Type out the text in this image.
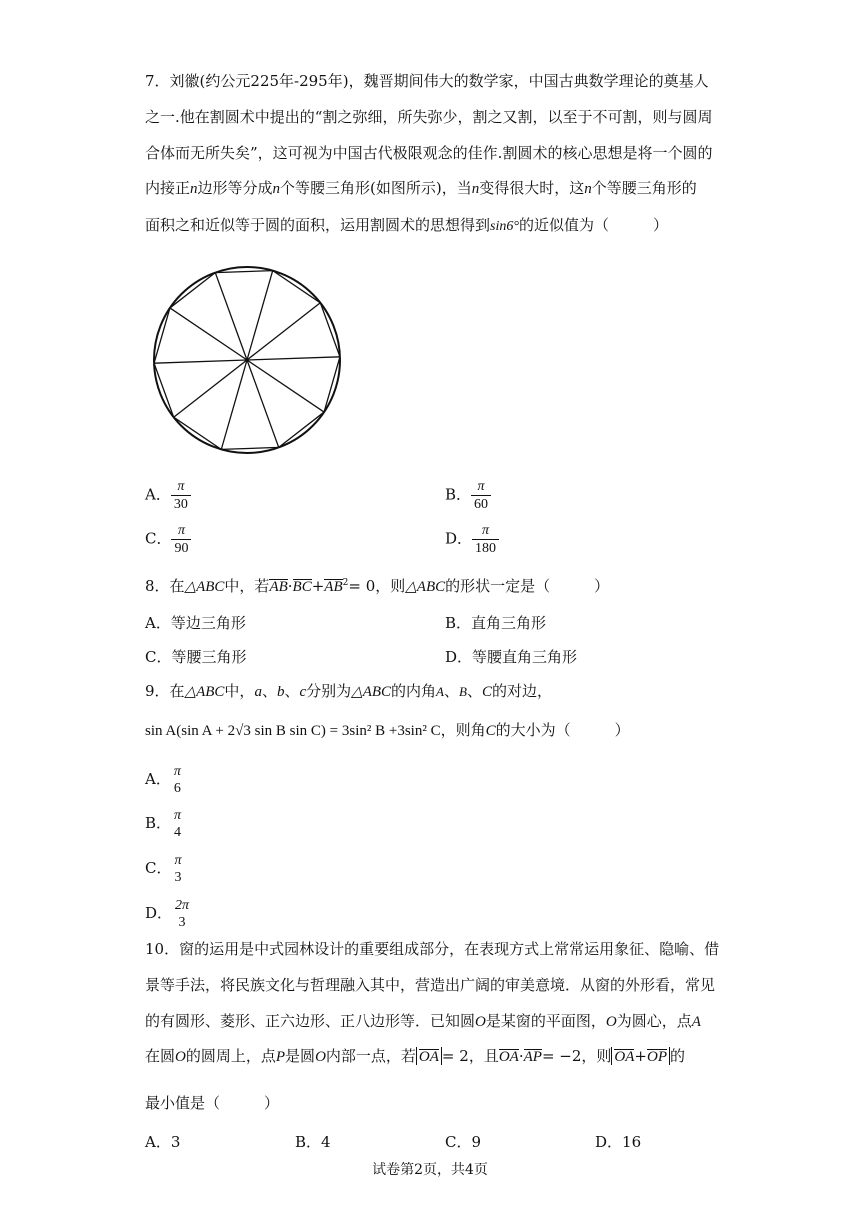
7．刘徽(约公元225年-295年)，魏晋期间伟大的数学家，中国古典数学理论的奠基人
之一.他在割圆术中提出的“割之弥细，所失弥少，割之又割，以至于不可割，则与圆周
合体而无所失矣”，这可视为中国古代极限观念的佳作.割圆术的核心思想是将一个圆的
内接正n边形等分成n个等腰三角形(如图所示)，当n变得很大时，这n个等腰三角形的
面积之和近似等于圆的面积，运用割圆术的思想得到sin6°的近似值为（	）
A． $\frac{\pi}{30}$	B． $\frac{\pi}{60}$
C． $\frac{\pi}{90}$	D． $\frac{\pi}{180}$
8．在△ABC中，若$AB\cdot BC+AB^2= 0$，则△ABC的形状一定是（	）
A．等边三角形	B．直角三角形
C．等腰三角形	D．等腰直角三角形
9．在△ABC中，a、b、c分别为△ABC的内角A、B、C的对边，
sin A(sin A + 2√3 sin B sin C) = 3sin² B +3sin² C，则角C的大小为（	）
A． π
6
B． π
4
C． π
3
D． 2π
3
10．窗的运用是中式园林设计的重要组成部分，在表现方式上常常运用象征、隐喻、借
景等手法，将民族文化与哲理融入其中，营造出广阔的审美意境．从窗的外形看，常见
的有圆形、菱形、正六边形、正八边形等．已知圆O是某窗的平面图，O为圆心，点A
在圆O的圆周上，点P是圆O内部一点，若 OA = 2，且OA·AP= −2，则 OA+OP 的
最小值是（	）
A．3	B．4	C．9	D．16
试卷第2页，共4页
